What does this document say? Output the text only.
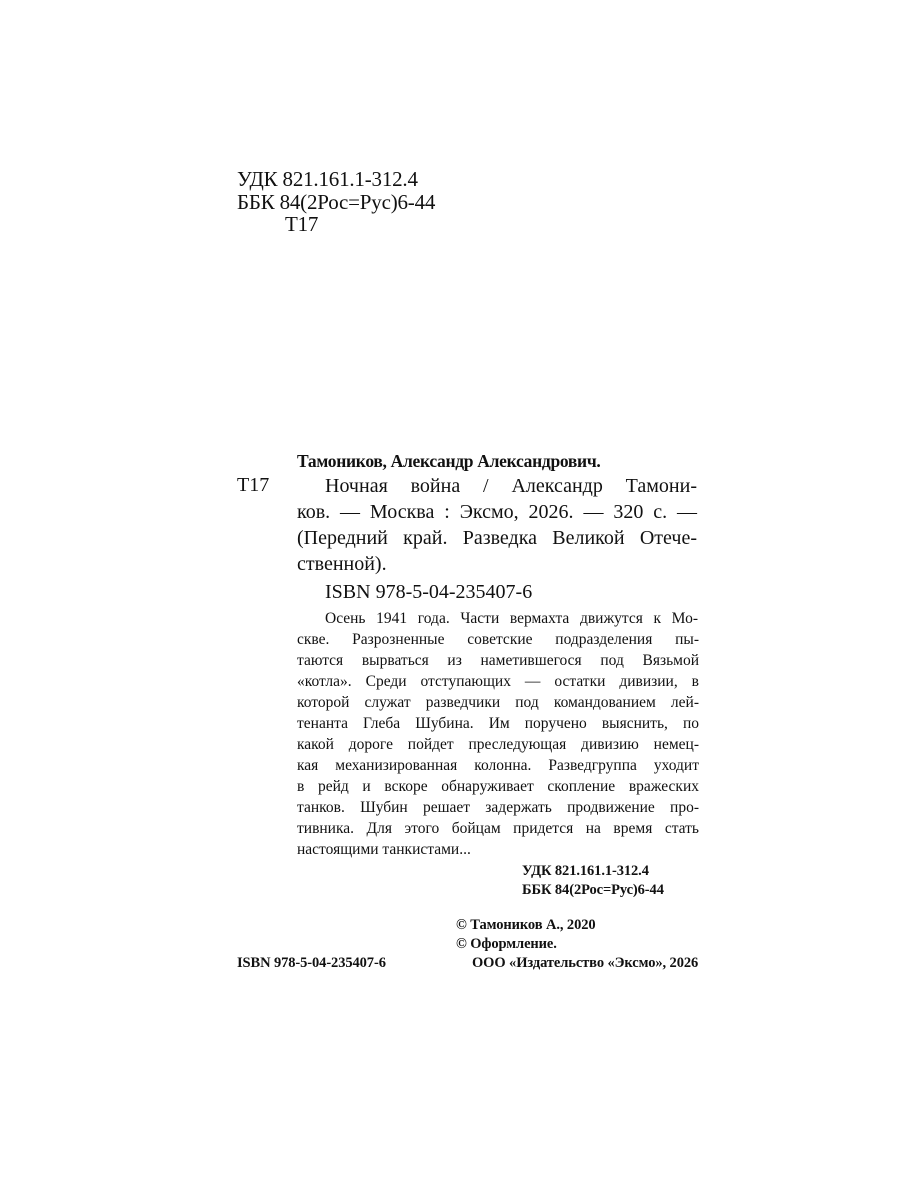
УДК 821.161.1-312.4
ББК 84(2Рос=Рус)6-44
Т17
Тамоников, Александр Александрович.
Т17	Ночная война / Александр Тамони-
ков. — Москва : Эксмо, 2026. — 320 с. —
(Передний край. Разведка Великой Отече-
ственной).
ISBN 978-5-04-235407-6
Осень 1941 года. Части вермахта движутся к Мо-
скве. Разрозненные советские подразделения пы-
таются вырваться из наметившегося под Вязьмой
«котла». Среди отступающих — остатки дивизии, в
которой служат разведчики под командованием лей-
тенанта Глеба Шубина. Им поручено выяснить, по
какой дороге пойдет преследующая дивизию немец-
кая механизированная колонна. Разведгруппа уходит
в рейд и вскоре обнаруживает скопление вражеских
танков. Шубин решает задержать продвижение про-
тивника. Для этого бойцам придется на время стать
настоящими танкистами...
УДК 821.161.1-312.4
ББК 84(2Рос=Рус)6-44
© Тамоников А., 2020
© Оформление.
ООО «Издательство «Эксмо», 2026
ISBN 978-5-04-235407-6
